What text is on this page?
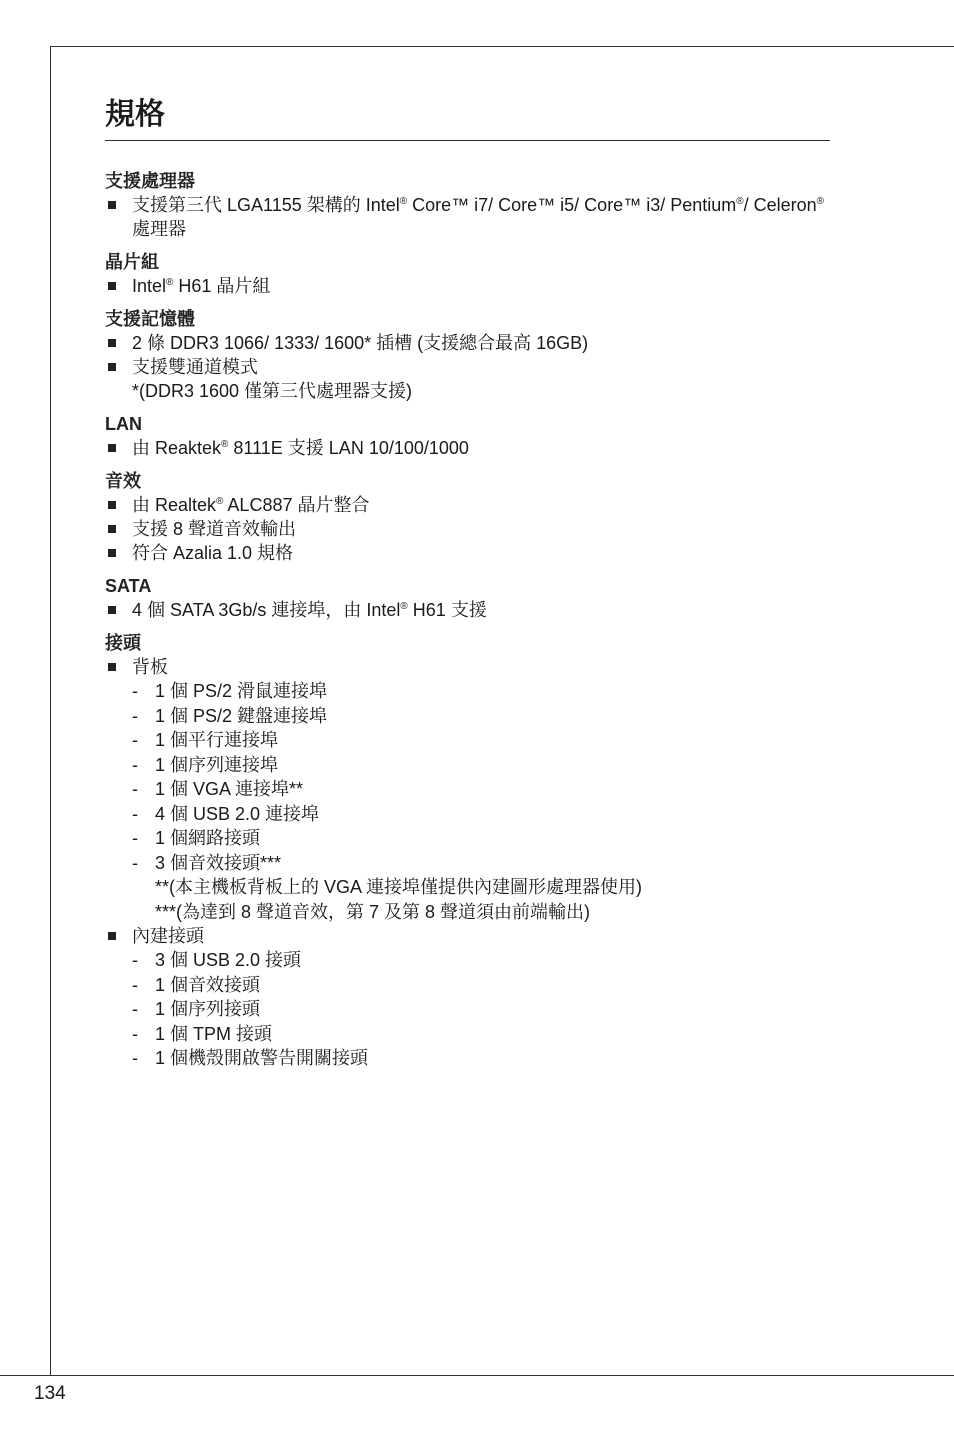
規格
支援處理器
支援第三代 LGA1155 架構的 Intel® Core™ i7/ Core™ i5/ Core™ i3/ Pentium®/ Celeron® 處理器
晶片組
Intel® H61 晶片組
支援記憶體
2 條 DDR3 1066/ 1333/ 1600* 插槽 (支援總合最高 16GB)
支援雙通道模式
*(DDR3 1600 僅第三代處理器支援)
LAN
由 Reaktek® 8111E 支援 LAN 10/100/1000
音效
由 Realtek® ALC887 晶片整合
支援 8 聲道音效輸出
符合 Azalia 1.0 規格
SATA
4 個 SATA 3Gb/s 連接埠，由 Intel® H61 支援
接頭
背板
- 1 個 PS/2 滑鼠連接埠
- 1 個 PS/2 鍵盤連接埠
- 1 個平行連接埠
- 1 個序列連接埠
- 1 個 VGA 連接埠**
- 4 個 USB 2.0 連接埠
- 1 個網路接頭
- 3 個音效接頭***
**(本主機板背板上的 VGA 連接埠僅提供內建圖形處理器使用)
***(為達到 8 聲道音效，第 7 及第 8 聲道須由前端輸出)
內建接頭
- 3 個 USB 2.0 接頭
- 1 個音效接頭
- 1 個序列接頭
- 1 個 TPM 接頭
- 1 個機殼開啟警告開關接頭
134
